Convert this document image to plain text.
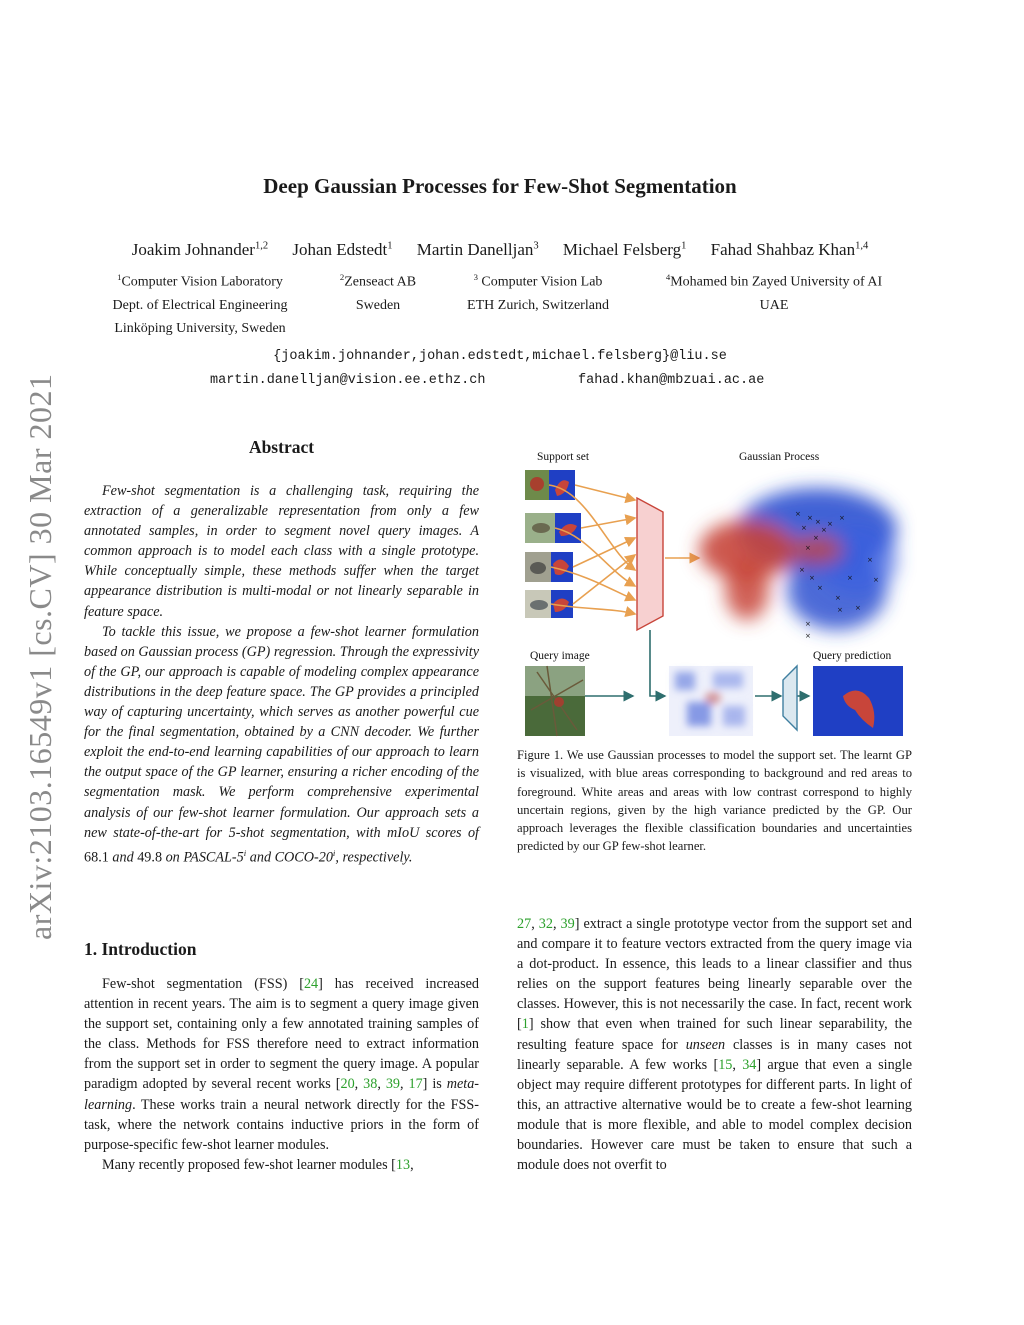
arXiv:2103.16549v1 [cs.CV] 30 Mar 2021
Deep Gaussian Processes for Few-Shot Segmentation
Joakim Johnander$^{1,2}$ Johan Edstedt$^1$ Martin Danelljan$^3$ Michael Felsberg$^1$ Fahad Shahbaz Khan$^{1,4}$
$^1$Computer Vision Laboratory
Dept. of Electrical Engineering
Linköping University, Sweden
$^2$Zenseact AB
Sweden
$^3$ Computer Vision Lab
ETH Zurich, Switzerland
$^4$Mohamed bin Zayed University of AI
UAE
{joakim.johnander,johan.edstedt,michael.felsberg}@liu.se
martin.danelljan@vision.ee.ethz.ch	fahad.khan@mbzuai.ac.ae
Abstract

Few-shot segmentation is a challenging task, requiring the extraction of a generalizable representation from only a few annotated samples, in order to segment novel query images. A common approach is to model each class with a single prototype. While conceptually simple, these methods suffer when the target appearance distribution is multi-modal or not linearly separable in feature space.

To tackle this issue, we propose a few-shot learner formulation based on Gaussian process (GP) regression. Through the expressivity of the GP, our approach is capable of modeling complex appearance distributions in the deep feature space. The GP provides a principled way of capturing uncertainty, which serves as another powerful cue for the final segmentation, obtained by a CNN decoder. We further exploit the end-to-end learning capabilities of our approach to learn the output space of the GP learner, ensuring a richer encoding of the segmentation mask. We perform comprehensive experimental analysis of our few-shot learner formulation. Our approach sets a new state-of-the-art for 5-shot segmentation, with mIoU scores of 68.1 and 49.8 on PASCAL-5$^i$ and COCO-20$^i$, respectively.

1. Introduction

Few-shot segmentation (FSS) [24] has received increased attention in recent years. The aim is to segment a query image given the support set, containing only a few annotated training samples of the class. Methods for FSS therefore need to extract information from the support set in order to segment the query image. A popular paradigm adopted by several recent works [20, 38, 39, 17] is meta-learning. These works train a neural network directly for the FSS-task, where the network contains inductive priors in the form of purpose-specific few-shot learner modules.

Many recently proposed few-shot learner modules [13,

Support set	Gaussian Process
Query image	Query prediction
× × ×
× ×
×
×
×
×
×
×
×
×
×
×
×
×
×
×
×
Figure 1. We use Gaussian processes to model the support set. The learnt GP is visualized, with blue areas corresponding to background and red areas to foreground. White areas and areas with low contrast correspond to highly uncertain regions, given by the high variance predicted by the GP. Our approach leverages the flexible classification boundaries and uncertainties predicted by our GP few-shot learner.

27, 32, 39] extract a single prototype vector from the support set and and compare it to feature vectors extracted from the query image via a dot-product. In essence, this leads to a linear classifier and thus relies on the support features being linearly separable over the classes. However, this is not necessarily the case. In fact, recent work [1] show that even when trained for such linear separability, the resulting feature space for unseen classes is in many cases not linearly separable. A few works [15, 34] argue that even a single object may require different prototypes for different parts. In light of this, an attractive alternative would be to create a few-shot learning module that is more flexible, and able to model complex decision boundaries. However care must be taken to ensure that such a module does not overfit to
